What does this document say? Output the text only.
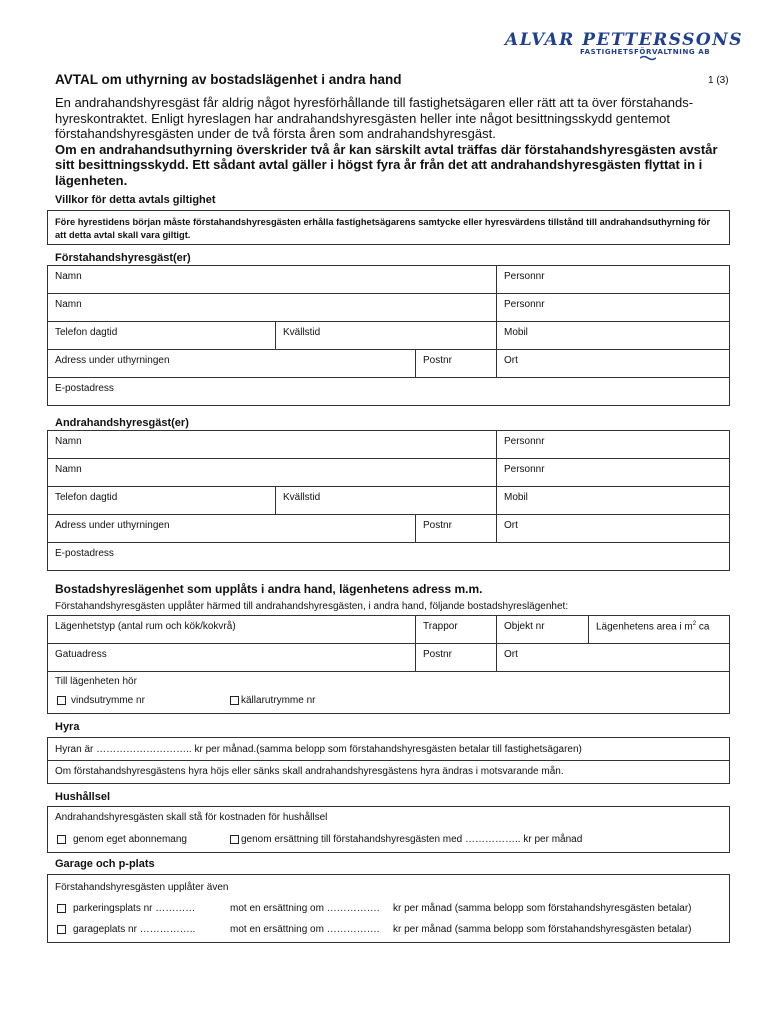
ALVAR PETTERSSONS
FASTIGHETSFÖRVALTNING AB
AVTAL om uthyrning av bostadslägenhet i andra hand	1 (3)
En andrahandshyresgäst får aldrig något hyresförhållande till fastighetsägaren eller rätt att ta över förstahands-hyreskontraktet. Enligt hyreslagen har andrahandshyresgästen heller inte något besittningsskydd gentemot förstahandshyresgästen under de två första åren som andrahandshyresgäst.
Om en andrahandsuthyrning överskrider två år kan särskilt avtal träffas där förstahandshyresgästen avstår sitt besittningsskydd. Ett sådant avtal gäller i högst fyra år från det att andrahandshyresgästen flyttat in i lägenheten.
Villkor för detta avtals giltighet
Före hyrestidens början måste förstahandshyresgästen erhålla fastighetsägarens samtycke eller hyresvärdens tillstånd till andrahandsuthyrning för att detta avtal skall vara giltigt.
Förstahandshyresgäst(er)
Namn	Personnr
Namn	Personnr
Telefon dagtid	Kvällstid	Mobil
Adress under uthyrningen	Postnr	Ort
E-postadress
Andrahandshyresgäst(er)
Namn	Personnr
Namn	Personnr
Telefon dagtid	Kvällstid	Mobil
Adress under uthyrningen	Postnr	Ort
E-postadress
Bostadshyreslägenhet som upplåts i andra hand, lägenhetens adress m.m.
Förstahandshyresgästen upplåter härmed till andrahandshyresgästen, i andra hand, följande bostadshyreslägenhet:
Lägenhetstyp (antal rum och kök/kokvrå)	Trappor	Objekt nr	Lägenhetens area i $m^2$ ca
Gatuadress	Postnr	Ort
Till lägenheten hör
vindsutrymme nr	källarutrymme nr
Hyra
Hyran är ……………………….. kr per månad.(samma belopp som förstahandshyresgästen betalar till fastighetsägaren)
Om förstahandshyresgästens hyra höjs eller sänks skall andrahandshyresgästens hyra ändras i motsvarande mån.
Hushållsel
Andrahandshyresgästen skall stå för kostnaden för hushållsel
genom eget abonnemang	genom ersättning till förstahandshyresgästen med …………….. kr per månad
Garage och p-plats
Förstahandshyresgästen upplåter även
parkeringsplats nr …………	mot en ersättning om ……………. kr per månad (samma belopp som förstahandshyresgästen betalar)
garageplats nr ……………..	mot en ersättning om ……………. kr per månad (samma belopp som förstahandshyresgästen betalar)
